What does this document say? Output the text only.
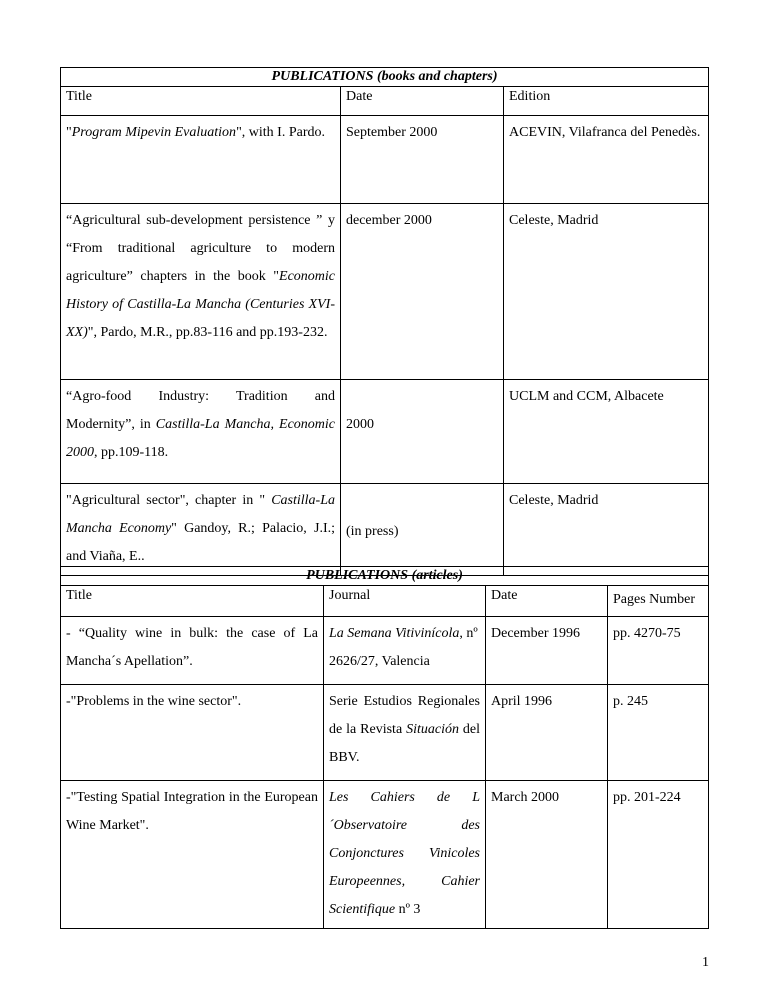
PUBLICATIONS (books and chapters)		
Title	Date	Edition
"Program Mipevin Evaluation", with I. Pardo.	September 2000	ACEVIN, Vilafranca del Penedès.
“Agricultural sub-development persistence ” y “From traditional agriculture to modern agriculture” chapters in the book "Economic History of Castilla-La Mancha (Centuries XVI-XX)", Pardo, M.R., pp.83-116 and pp.193-232.	december 2000	Celeste, Madrid
“Agro-food Industry: Tradition and Modernity”, in Castilla-La Mancha, Economic 2000, pp.109-118.	2000	UCLM and CCM, Albacete
"Agricultural sector", chapter in " Castilla-La Mancha Economy" Gandoy, R.; Palacio, J.I.; and Viaña, E..	(in press)	Celeste, Madrid
PUBLICATIONS (articles)			
Title	Journal	Date	Pages Number
- “Quality wine in bulk: the case of La Mancha´s Apellation”.	La Semana Vitivinícola, nº 2626/27, Valencia	December 1996	pp. 4270-75
-"Problems in the wine sector".	Serie Estudios Regionales de la Revista Situación del BBV.	April 1996	p. 245
-"Testing Spatial Integration in the European Wine Market".	Les Cahiers de L´Observatoire des Conjonctures Vinicoles Europeennes, Cahier Scientifique nº 3	March 2000	pp. 201-224
1
